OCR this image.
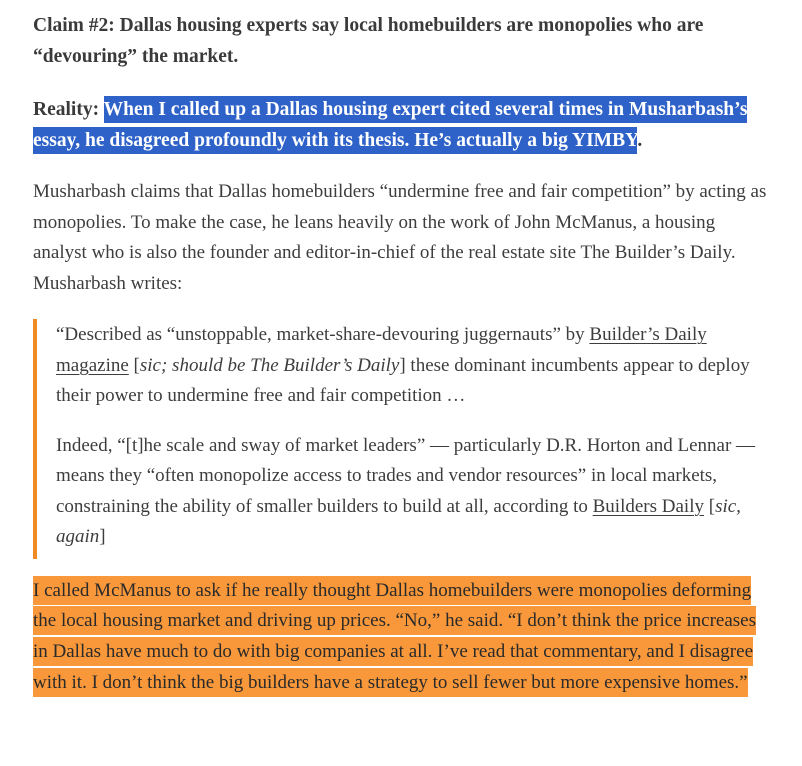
Claim #2: Dallas housing experts say local homebuilders are monopolies who are “devouring” the market.

Reality: When I called up a Dallas housing expert cited several times in Musharbash’s essay, he disagreed profoundly with its thesis. He’s actually a big YIMBY.

Musharbash claims that Dallas homebuilders “undermine free and fair competition” by acting as monopolies. To make the case, he leans heavily on the work of John McManus, a housing analyst who is also the founder and editor-in-chief of the real estate site The Builder’s Daily. Musharbash writes:

“Described as “unstoppable, market-share-devouring juggernauts” by Builder’s Daily magazine [sic; should be The Builder’s Daily] these dominant incumbents appear to deploy their power to undermine free and fair competition …

Indeed, “[t]he scale and sway of market leaders” — particularly D.R. Horton and Lennar — means they “often monopolize access to trades and vendor resources” in local markets, constraining the ability of smaller builders to build at all, according to Builders Daily [sic, again]

I called McManus to ask if he really thought Dallas homebuilders were monopolies deforming the local housing market and driving up prices. “No,” he said. “I don’t think the price increases in Dallas have much to do with big companies at all. I’ve read that commentary, and I disagree with it. I don’t think the big builders have a strategy to sell fewer but more expensive homes.”
